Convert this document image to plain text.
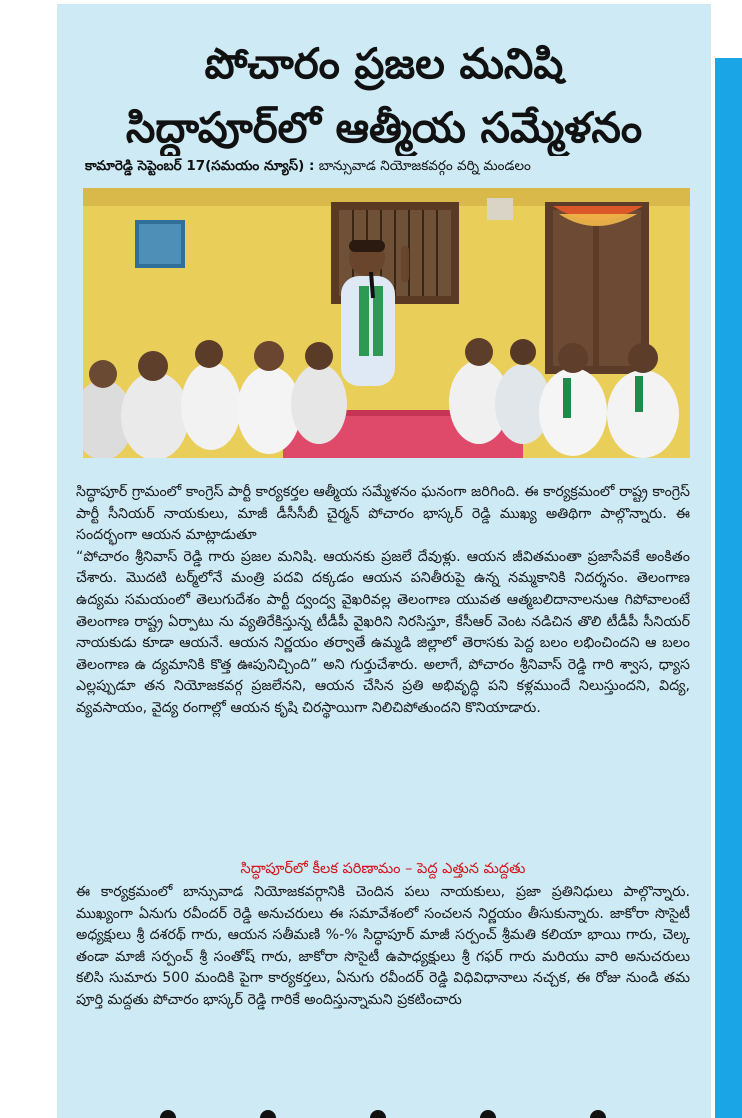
పోచారం ప్రజల మనిషి
సిద్ధాపూర్‌లో ఆత్మీయ సమ్మేళనం
కామారెడ్డి సెప్టెంబర్ 17(సమయం న్యూస్) : బాన్సువాడ నియోజకవర్గం వర్ని మండలం

సిద్ధాపూర్ గ్రామంలో కాంగ్రెస్ పార్టీ కార్యకర్తల ఆత్మీయ సమ్మేళనం ఘనంగా జరిగింది. ఈ కార్యక్రమంలో రాష్ట్ర కాంగ్రెస్ పార్టీ సీనియర్ నాయకులు, మాజీ డీసీసీబీ చైర్మన్ పోచారం భాస్కర్ రెడ్డి ముఖ్య అతిథిగా పాల్గొన్నారు. ఈ సందర్భంగా ఆయన మాట్లాడుతూ

“పోచారం శ్రీనివాస్ రెడ్డి గారు ప్రజల మనిషి. ఆయనకు ప్రజలే దేవుళ్లు. ఆయన జీవితమంతా ప్రజాసేవకే అంకితం చేశారు. మొదటి టర్మ్‌లోనే మంత్రి పదవి దక్కడం ఆయన పనితీరుపై ఉన్న నమ్మకానికి నిదర్శనం. తెలంగాణ ఉద్యమ సమయంలో తెలుగుదేశం పార్టీ ద్వంద్వ వైఖరివల్ల తెలంగాణ యువత ఆత్మబలిదానాలనుఆ గిపోవాలంటే తెలంగాణ రాష్ట్ర ఏర్పాటు ను వ్యతిరేకిస్తున్న టీడీపీ వైఖరిని నిరసిస్తూ, కేసీఆర్ వెంట నడిచిన తొలి టీడీపీ సీనియర్ నాయకుడు కూడా ఆయనే. ఆయన నిర్ణయం తర్వాతే ఉమ్మడి జిల్లాలో తెరాసకు పెద్ద బలం లభించిందని ఆ బలం తెలంగాణ ఉ ద్యమానికి కొత్త ఊపునిచ్చింది” అని గుర్తుచేశారు. అలాగే, పోచారం శ్రీనివాస్ రెడ్డి గారి శ్వాస, ధ్యాస ఎల్లప్పుడూ తన నియోజకవర్గ ప్రజలేనని, ఆయన చేసిన ప్రతి అభివృద్ధి పని కళ్లముందే నిలుస్తుందని, విద్య, వ్యవసాయం, వైద్య రంగాల్లో ఆయన కృషి చిరస్థాయిగా నిలిచిపోతుందని కొనియాడారు.

సిద్ధాపూర్‌లో కీలక పరిణామం – పెద్ద ఎత్తున మద్దతు

ఈ కార్యక్రమంలో బాన్సువాడ నియోజకవర్గానికి చెందిన పలు నాయకులు, ప్రజా ప్రతినిధులు పాల్గొన్నారు. ముఖ్యంగా ఏనుగు రవీందర్ రెడ్డి అనుచరులు ఈ సమావేశంలో సంచలన నిర్ణయం తీసుకున్నారు. జాకోరా సొసైటీ అధ్యక్షులు శ్రీ దశరథ్ గారు, ఆయన సతీమణి %-% సిద్ధాపూర్ మాజీ సర్పంచ్ శ్రీమతి కలియా భాయి గారు, చెల్క తండా మాజీ సర్పంచ్ శ్రీ సంతోష్ గారు, జాకోరా సొసైటీ ఉపాధ్యక్షులు శ్రీ గఫర్ గారు మరియు వారి అనుచరులు కలిసి సుమారు 500 మందికి పైగా కార్యకర్తలు, ఏనుగు రవీందర్ రెడ్డి విధివిధానాలు నచ్చక, ఈ రోజు నుండి తమ పూర్తి మద్దతు పోచారం భాస్కర్ రెడ్డి గారికే అందిస్తున్నామని ప్రకటించారు
